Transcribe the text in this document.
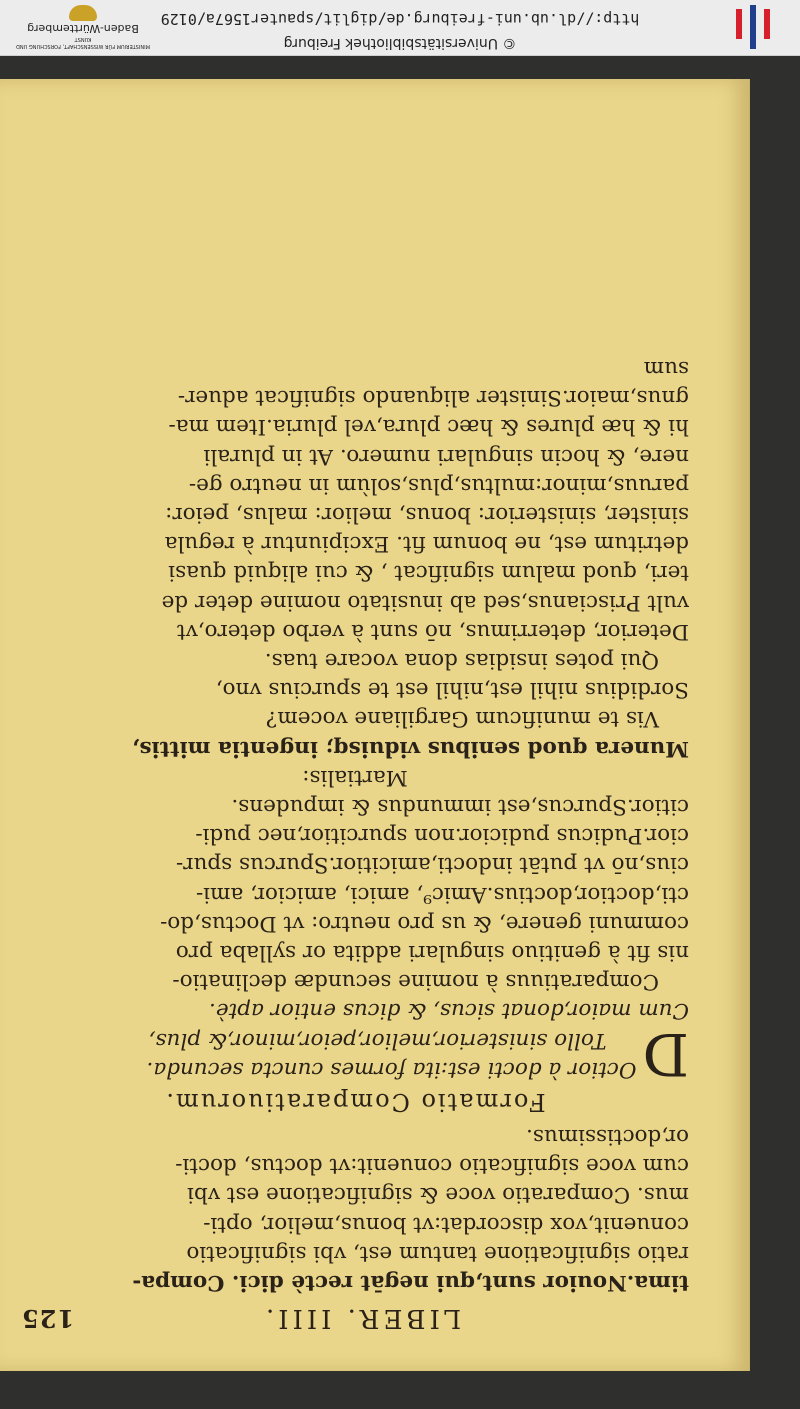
LIBER. IIII.
125
tima.Nouior sunt,qui negāt rectè dici. Compa-
ratio significatione tantum est, vbi significatio
conuenit,vox discordat:vt bonus,melior, opti-
mus. Comparatio voce & significatione est vbi
cum voce significatio conuenit:vt doctus, docti-
or,doctissimus.
Formatio Comparatiuorum.
D
Octior à docti est:ita formes cuncta secunda.
Tollo sinisterior,melior,peior,minor,& plus,
Cum maior,donat sicus, & dicus entior aptè.
Comparatiuus à nomine secundæ declinatio-
nis fit à genitiuo singulari addita or syllaba pro
communi genere, & us pro neutro: vt Doctus,do-
cti,doctior,doctius.Amic⁹, amici, amicior, ami-
cius,nō vt putāt indocti,amicitior.Spurcus spur-
cior.Pudicus pudicior.non spurcitior,nec pudi-
citior.Spurcus,est immundus & impudens.
Martialis:
Munera quod senibus viduisq; ingentia mittis,
Vis te munificum Gargiliane vocem?
Sordidius nihil est,nihil est te spurcius vno,
Qui potes insidias dona vocare tuas.
Deterior, deterrimus, nō sunt à verbo detero,vt
vult Priscianus,sed ab inusitato nomine deter de
teri, quod malum significat , & cui aliquid quasi
detritum est, ne bonum fit. Excipiuntur à regula
sinister, sinisterior: bonus, melior: malus, peior:
paruus,minor:multus,plus,solùm in neutro ge-
nere, & hocin singulari numero. At in plurali
hi & hæ plures & hæc plura,vel pluria.Item ma-
gnus,maior.Sinister aliquando significat aduer-
sum
© Universitätsbibliothek Freiburg
http://dl.ub.uni-freiburg.de/diglit/spauter1567a/0129
MINISTERIUM FÜR WISSENSCHAFT, FORSCHUNG UND KUNST
Baden-Württemberg
